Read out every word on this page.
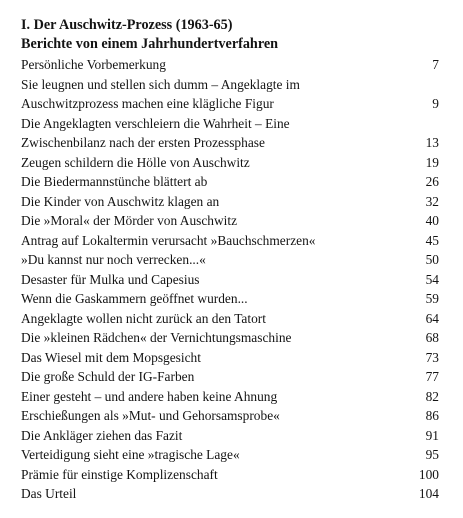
I. Der Auschwitz-Prozess (1963-65)
Berichte von einem Jahrhundertverfahren
Persönliche Vorbemerkung	7
Sie leugnen und stellen sich dumm – Angeklagte im Auschwitzprozess machen eine klägliche Figur	9
Die Angeklagten verschleiern die Wahrheit – Eine Zwischenbilanz nach der ersten Prozessphase	13
Zeugen schildern die Hölle von Auschwitz	19
Die Biedermannstünche blättert ab	26
Die Kinder von Auschwitz klagen an	32
Die »Moral« der Mörder von Auschwitz	40
Antrag auf Lokaltermin verursacht »Bauchschmerzen«	45
»Du kannst nur noch verrecken...«	50
Desaster für Mulka und Capesius	54
Wenn die Gaskammern geöffnet wurden...	59
Angeklagte wollen nicht zurück an den Tatort	64
Die »kleinen Rädchen« der Vernichtungsmaschine	68
Das Wiesel mit dem Mopsgesicht	73
Die große Schuld der IG-Farben	77
Einer gesteht – und andere haben keine Ahnung	82
Erschießungen als »Mut- und Gehorsamsprobe«	86
Die Ankläger ziehen das Fazit	91
Verteidigung sieht eine »tragische Lage«	95
Prämie für einstige Komplizenschaft	100
Das Urteil	104
